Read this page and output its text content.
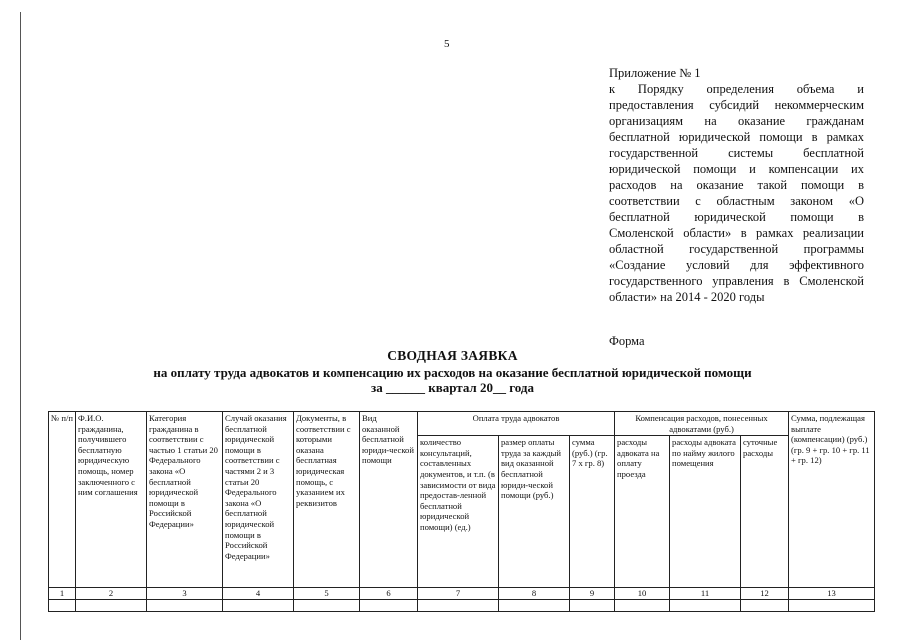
5
Приложение № 1
к Порядку определения объема и предоставления субсидий некоммерческим организациям на оказание гражданам бесплатной юридической помощи в рамках государственной системы бесплатной юридической помощи и компенсации их расходов на оказание такой помощи в соответствии с областным законом «О бесплатной юридической помощи в Смоленской области» в рамках реализации областной государственной программы «Создание условий для эффективного государственного управления в Смоленской области» на 2014 - 2020 годы
Форма
СВОДНАЯ ЗАЯВКА
на оплату труда адвокатов и компенсацию их расходов на оказание бесплатной юридической помощи
за ______ квартал 20__ года
№ п/п	Ф.И.О. гражданина, получившего бесплатную юридическую помощь, номер заключенного с ним соглашения	Категория гражданина в соответствии с частью 1 статьи 20 Федерального закона «О бесплатной юридической помощи в Российской Федерации»	Случай оказания бесплатной юридической помощи в соответствии с частями 2 и 3 статьи 20 Федерального закона «О бесплатной юридической помощи в Российской Федерации»	Документы, в соответствии с которыми оказана бесплатная юридическая помощь, с указанием их реквизитов	Вид оказанной бесплатной юриди-ческой помощи	Оплата труда адвокатов			Компенсация расходов, понесенных адвокатами (руб.)			Сумма, подлежащая выплате (компенсации) (руб.) (гр. 9 + гр. 10 + гр. 11 + гр. 12)
						количество консультаций, составленных документов, и т.п. (в зависимости от вида предостав-ленной бесплатной юридической помощи) (ед.)	размер оплаты труда за каждый вид оказанной бесплатной юриди-ческой помощи (руб.)	сумма (руб.) (гр. 7 х гр. 8)	расходы адвоката на оплату проезда	расходы адвоката по найму жилого помещения	суточные расходы	
1	2	3	4	5	6	7	8	9	10	11	12	13
